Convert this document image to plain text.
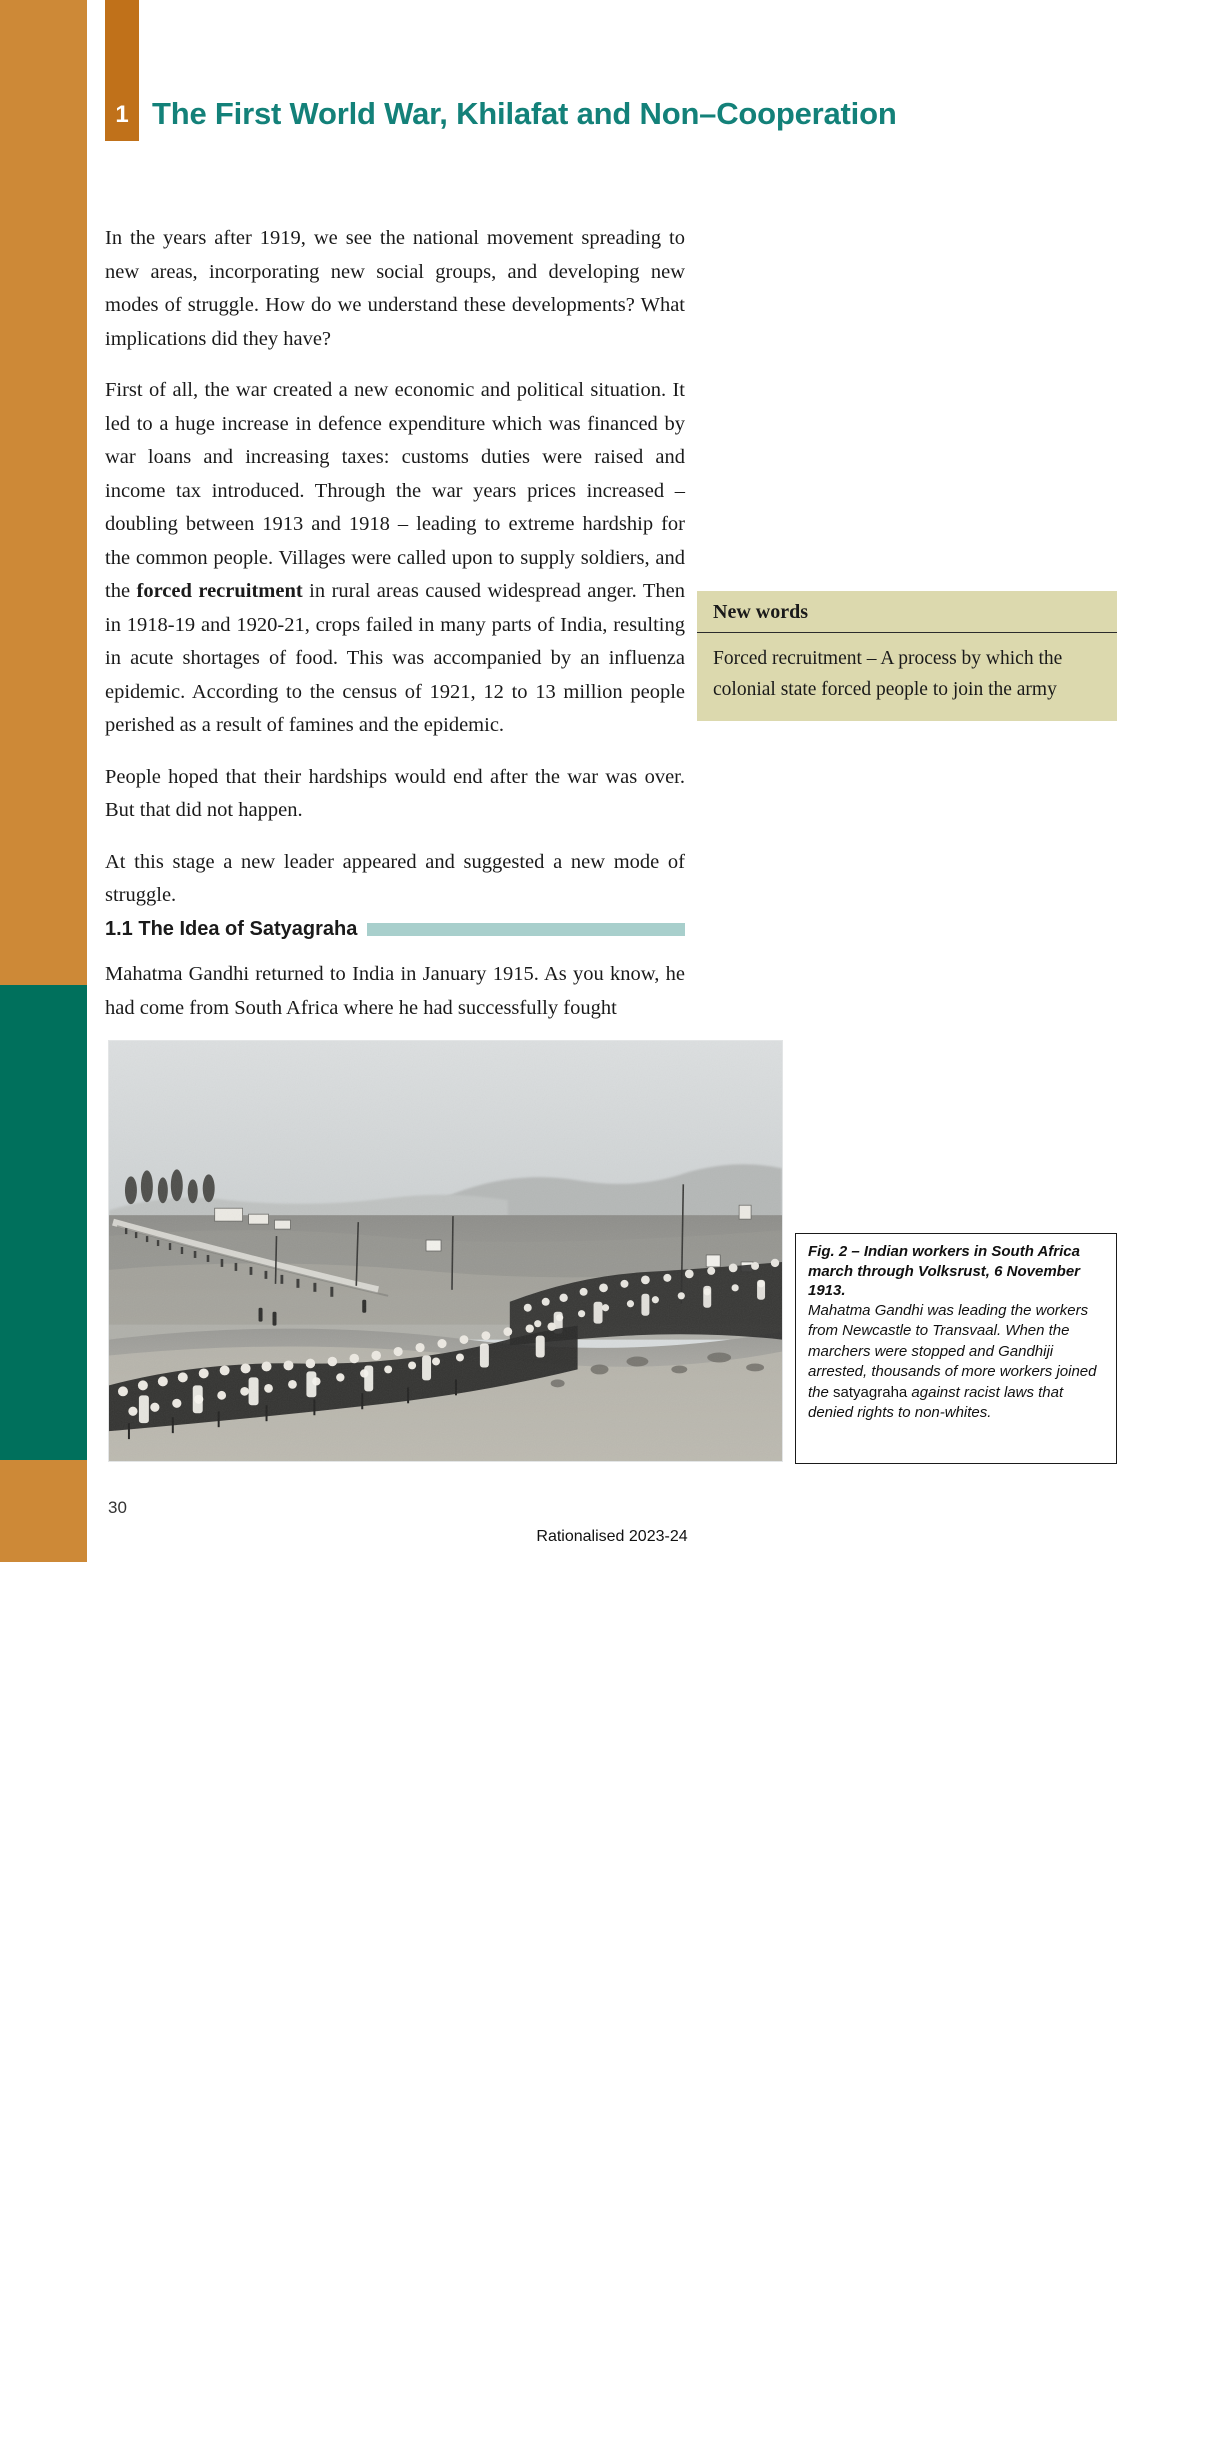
India and the Contemporary World
1 The First World War, Khilafat and Non–Cooperation

In the years after 1919, we see the national movement spreading to new areas, incorporating new social groups, and developing new modes of struggle. How do we understand these developments? What implications did they have?

First of all, the war created a new economic and political situation. It led to a huge increase in defence expenditure which was financed by war loans and increasing taxes: customs duties were raised and income tax introduced. Through the war years prices increased – doubling between 1913 and 1918 – leading to extreme hardship for the common people. Villages were called upon to supply soldiers, and the forced recruitment in rural areas caused widespread anger. Then in 1918-19 and 1920-21, crops failed in many parts of India, resulting in acute shortages of food. This was accompanied by an influenza epidemic. According to the census of 1921, 12 to 13 million people perished as a result of famines and the epidemic.

People hoped that their hardships would end after the war was over. But that did not happen.

At this stage a new leader appeared and suggested a new mode of struggle.

1.1 The Idea of Satyagraha

Mahatma Gandhi returned to India in January 1915. As you know, he had come from South Africa where he had successfully fought

New words
Forced recruitment – A process by which the colonial state forced people to join the army

Fig. 2 – Indian workers in South Africa march through Volksrust, 6 November 1913.

Mahatma Gandhi was leading the workers from Newcastle to Transvaal. When the marchers were stopped and Gandhiji arrested, thousands of more workers joined the satyagraha against racist laws that denied rights to non-whites.

30
Rationalised 2023-24
